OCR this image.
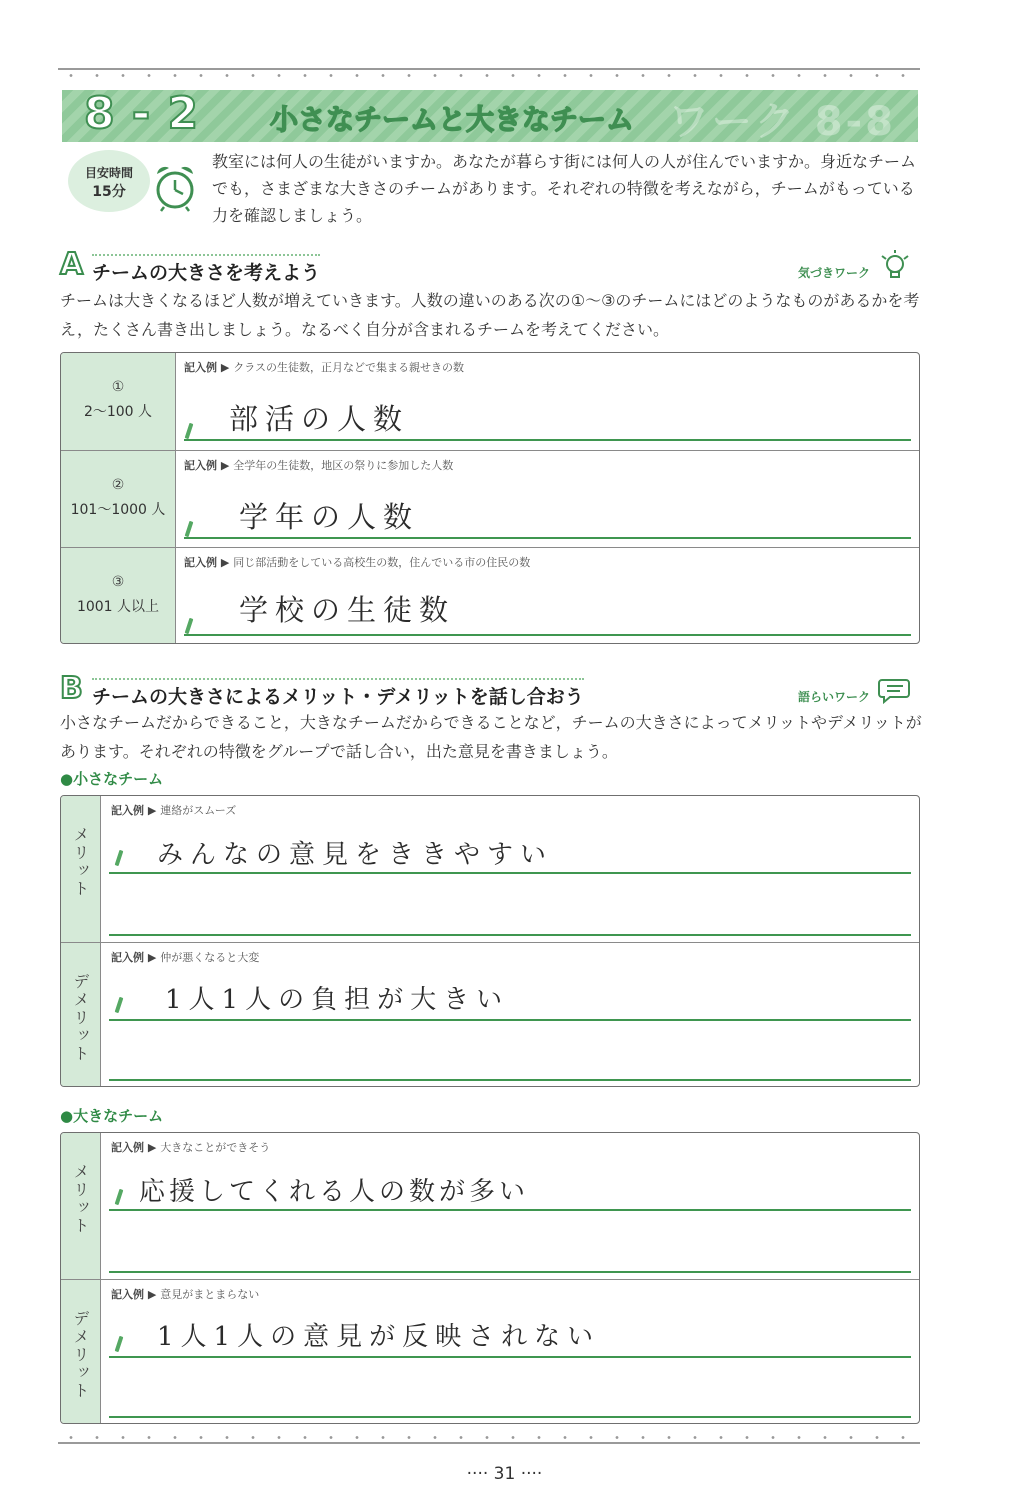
8 - 2	小さなチームと大きなチーム ワーク 8-8
目安時間
15分
教室には何人の生徒がいますか。あなたが暮らす街には何人の人が住んでいますか。身近なチームでも，さまざまな大きさのチームがあります。それぞれの特徴を考えながら，チームがもっている力を確認しましょう。
A チームの大きさを考えよう	気づきワーク
チームは大きくなるほど人数が増えていきます。人数の違いのある次の①～③のチームにはどのようなものがあるかを考え，たくさん書き出しましょう。なるべく自分が含まれるチームを考えてください。
①
2～100 人
記入例 ▶ クラスの生徒数，正月などで集まる親せきの数
部活の人数
②
101～1000 人
記入例 ▶ 全学年の生徒数，地区の祭りに参加した人数
学年の人数
③
1001 人以上
記入例 ▶ 同じ部活動をしている高校生の数，住んでいる市の住民の数
学校の生徒数
B チームの大きさによるメリット・デメリットを話し合おう	語らいワーク
小さなチームだからできること，大きなチームだからできることなど，チームの大きさによってメリットやデメリットがあります。それぞれの特徴をグループで話し合い，出た意見を書きましょう。
●小さなチーム
メリット
記入例 ▶ 連絡がスムーズ
みんなの意見をききやすい
デメリット
記入例 ▶ 仲が悪くなると大変
1人1人の負担が大きい
●大きなチーム
メリット
記入例 ▶ 大きなことができそう
応援してくれる人の数が多い
デメリット
記入例 ▶ 意見がまとまらない
1人1人の意見が反映されない
···· 31 ····
